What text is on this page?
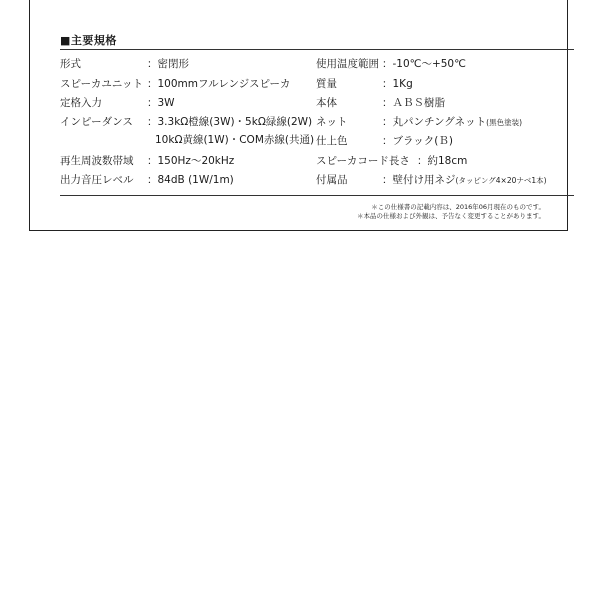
■主要規格
形式	：密閉形
スピーカユニット ：100mmフルレンジスピーカ
定格入力	：3W
インピーダンス ：3.3kΩ橙線(3W)・5kΩ緑線(2W)
10kΩ黄線(1W)・COM赤線(共通)
再生周波数帯域 ：150Hz～20kHz
出力音圧レベル ：84dB (1W/1m)
使用温度範囲 ：-10℃～+50℃
質量	：1Kg
本体	：ＡＢＳ樹脂
ネット	：丸パンチングネット(黒色塗装)
仕上色	：ブラック(Ｂ)
スピーカコード長さ ：約18cm
付属品	：壁付け用ネジ(タッピング4×20ナベ1本)
＊この仕様書の記載内容は、2016年06月現在のものです。
＊本品の仕様および外観は、予告なく変更することがあります。
